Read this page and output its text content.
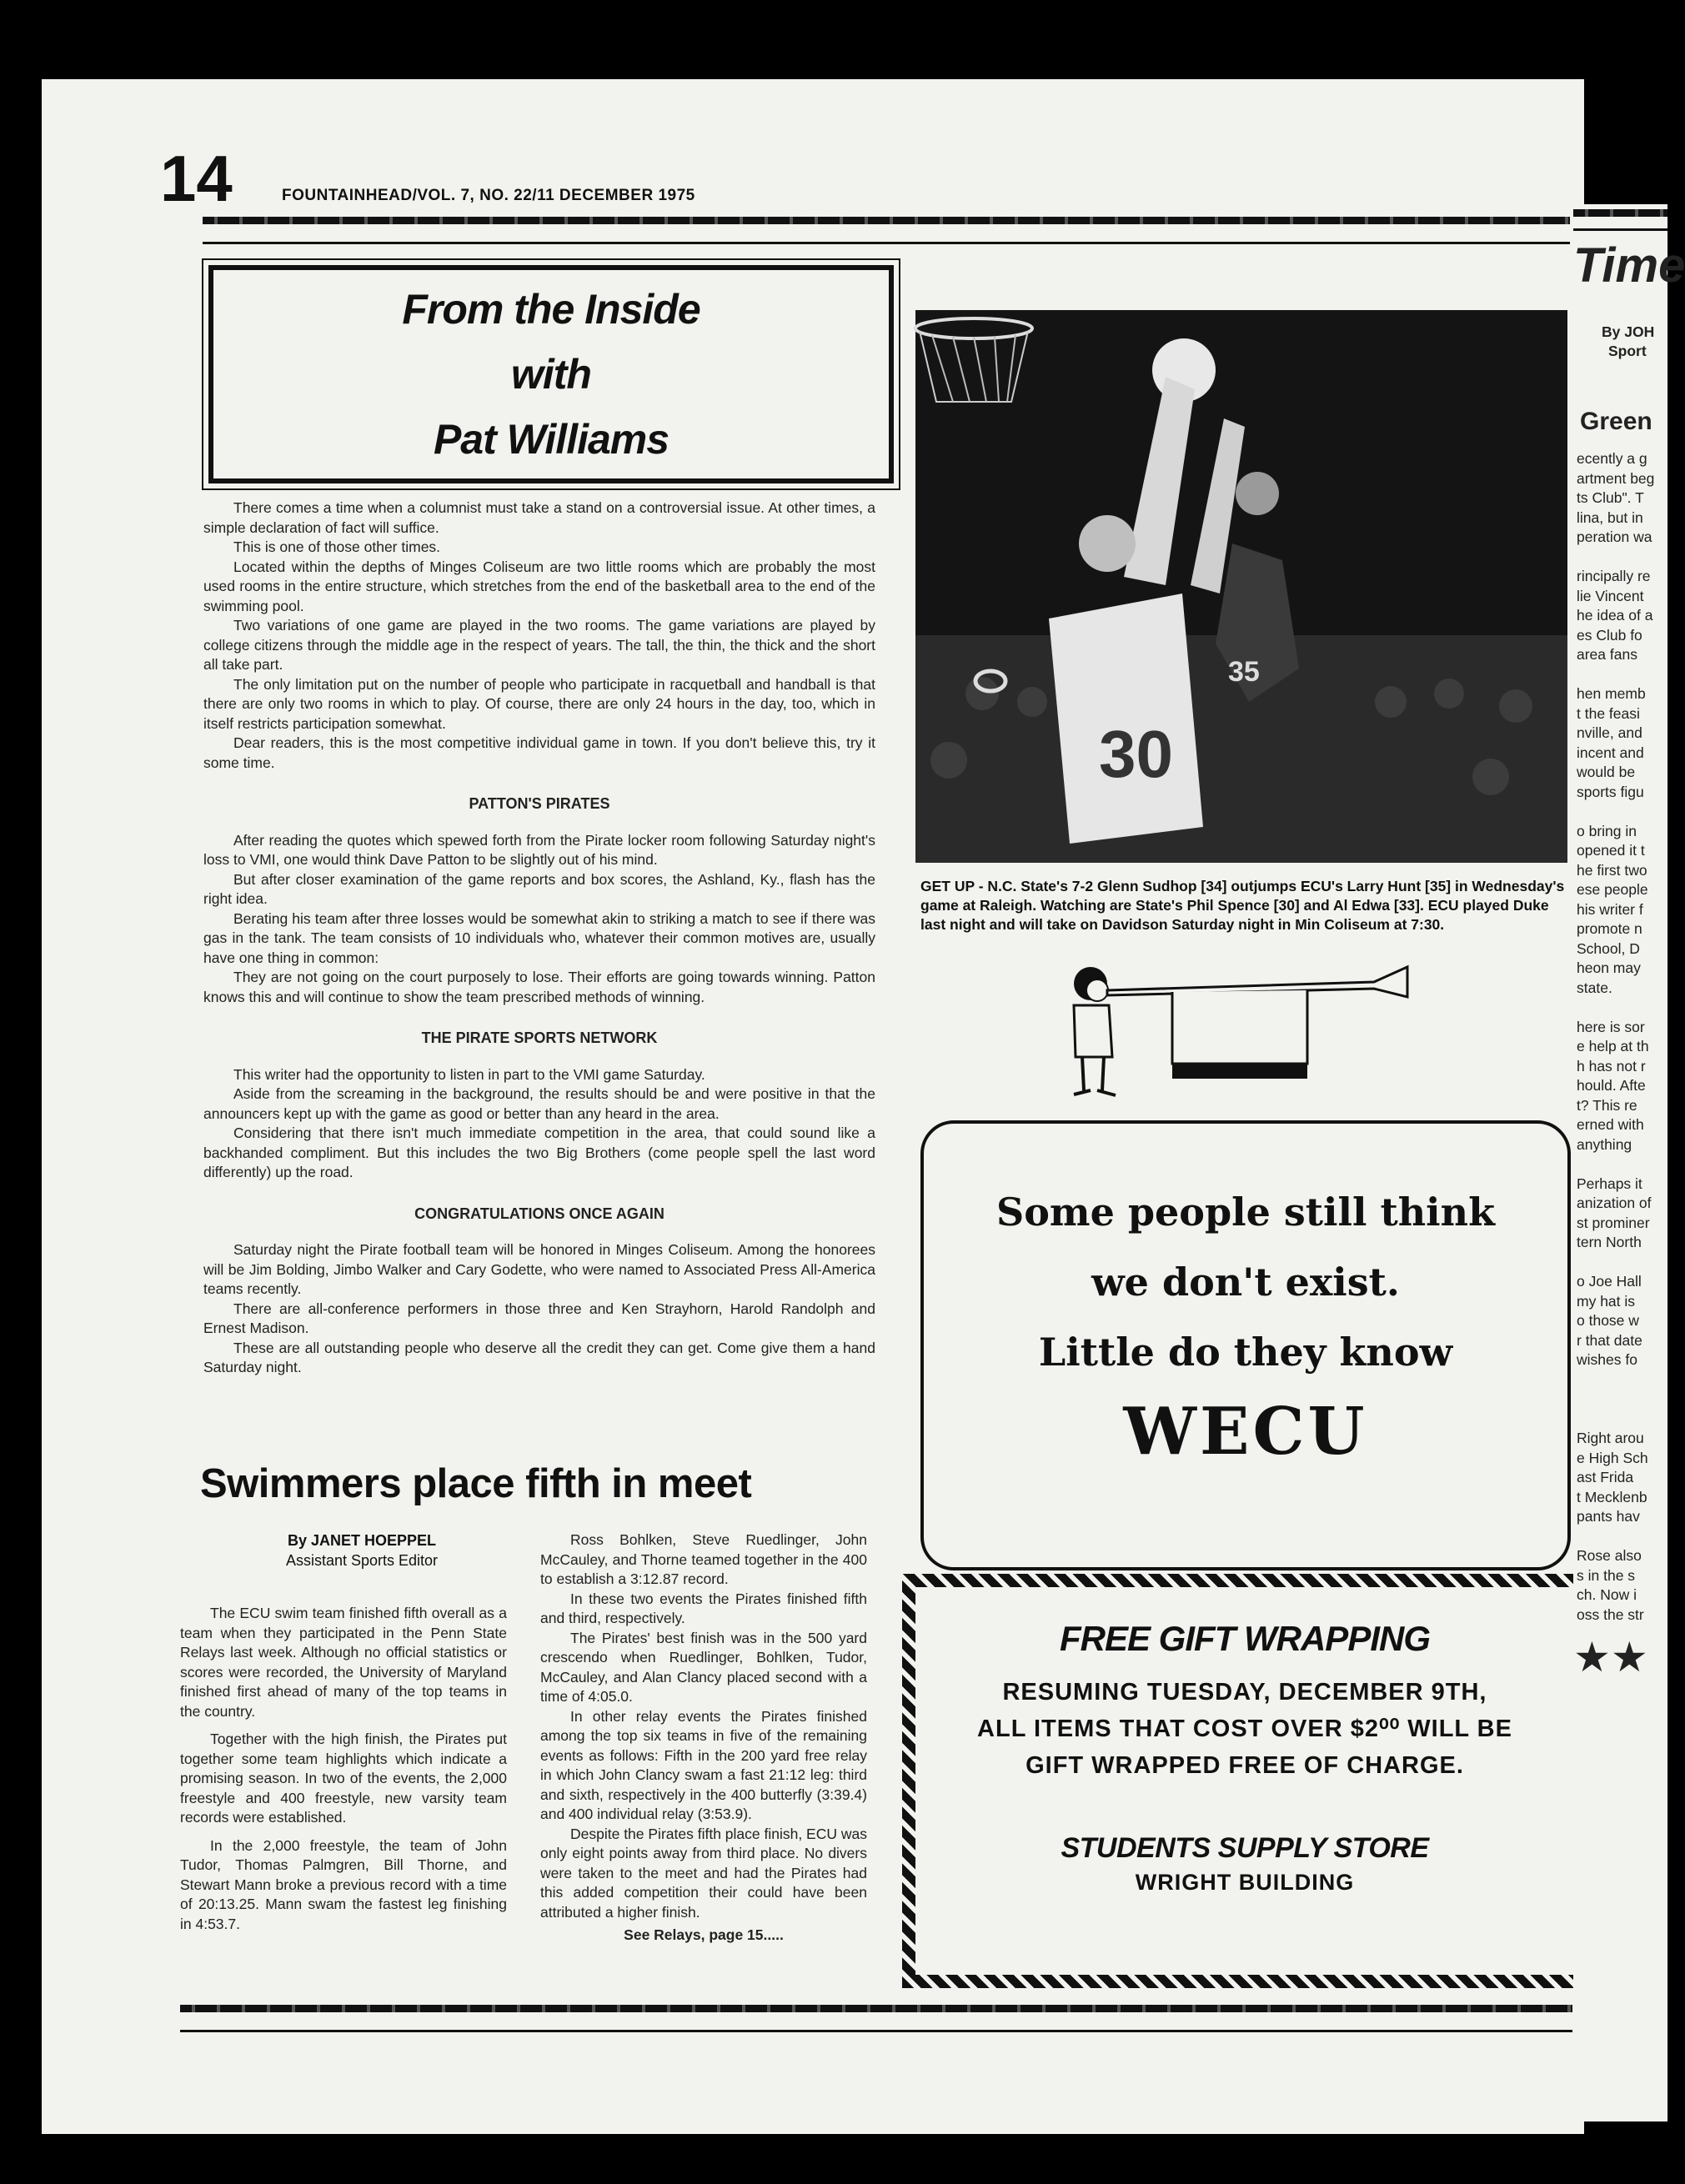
14	FOUNTAINHEAD/VOL. 7, NO. 22/11 DECEMBER 1975
From the Inside
with
Pat Williams

There comes a time when a columnist must take a stand on a controversial issue. At other times, a simple declaration of fact will suffice.

This is one of those other times.

Located within the depths of Minges Coliseum are two little rooms which are probably the most used rooms in the entire structure, which stretches from the end of the basketball area to the end of the swimming pool.

Two variations of one game are played in the two rooms. The game variations are played by college citizens through the middle age in the respect of years. The tall, the thin, the thick and the short all take part.

The only limitation put on the number of people who participate in racquetball and handball is that there are only two rooms in which to play. Of course, there are only 24 hours in the day, too, which in itself restricts participation somewhat.

Dear readers, this is the most competitive individual game in town. If you don't believe this, try it some time.

PATTON'S PIRATES

After reading the quotes which spewed forth from the Pirate locker room following Saturday night's loss to VMI, one would think Dave Patton to be slightly out of his mind.

But after closer examination of the game reports and box scores, the Ashland, Ky., flash has the right idea.

Berating his team after three losses would be somewhat akin to striking a match to see if there was gas in the tank. The team consists of 10 individuals who, whatever their common motives are, usually have one thing in common:

They are not going on the court purposely to lose. Their efforts are going towards winning. Patton knows this and will continue to show the team prescribed methods of winning.

THE PIRATE SPORTS NETWORK

This writer had the opportunity to listen in part to the VMI game Saturday.

Aside from the screaming in the background, the results should be and were positive in that the announcers kept up with the game as good or better than any heard in the area.

Considering that there isn't much immediate competition in the area, that could sound like a backhanded compliment. But this includes the two Big Brothers (come people spell the last word differently) up the road.

CONGRATULATIONS ONCE AGAIN

Saturday night the Pirate football team will be honored in Minges Coliseum. Among the honorees will be Jim Bolding, Jimbo Walker and Cary Godette, who were named to Associated Press All-America teams recently.

There are all-conference performers in those three and Ken Strayhorn, Harold Randolph and Ernest Madison.

These are all outstanding people who deserve all the credit they can get. Come give them a hand Saturday night.

Swimmers place fifth in meet
By JANET HOEPPEL
Assistant Sports Editor

The ECU swim team finished fifth overall as a team when they participated in the Penn State Relays last week. Although no official statistics or scores were recorded, the University of Maryland finished first ahead of many of the top teams in the country.

Together with the high finish, the Pirates put together some team highlights which indicate a promising season. In two of the events, the 2,000 freestyle and 400 freestyle, new varsity team records were established.

In the 2,000 freestyle, the team of John Tudor, Thomas Palmgren, Bill Thorne, and Stewart Mann broke a previous record with a time of 20:13.25. Mann swam the fastest leg finishing in 4:53.7.

Ross Bohlken, Steve Ruedlinger, John McCauley, and Thorne teamed together in the 400 to establish a 3:12.87 record.

In these two events the Pirates finished fifth and third, respectively.

The Pirates' best finish was in the 500 yard crescendo when Ruedlinger, Bohlken, Tudor, McCauley, and Alan Clancy placed second with a time of 4:05.0.

In other relay events the Pirates finished among the top six teams in five of the remaining events as follows: Fifth in the 200 yard free relay in which John Clancy swam a fast 21:12 leg: third and sixth, respectively in the 400 butterfly (3:39.4) and 400 individual relay (3:53.9).

Despite the Pirates fifth place finish, ECU was only eight points away from third place. No divers were taken to the meet and had the Pirates had this added competition their could have been attributed a higher finish.

See Relays, page 15.....
30
35
GET UP - N.C. State's 7-2 Glenn Sudhop [34] outjumps ECU's Larry Hunt [35] in Wednesday's game at Raleigh. Watching are State's Phil Spence [30] and Al Edwa [33]. ECU played Duke last night and will take on Davidson Saturday night in Min Coliseum at 7:30.
Some people still think
we don't exist.
Little do they know
WECU
FREE GIFT WRAPPING
RESUMING TUESDAY, DECEMBER 9TH,
ALL ITEMS THAT COST OVER $2⁰⁰ WILL BE
GIFT WRAPPED FREE OF CHARGE.
STUDENTS SUPPLY STORE
WRIGHT BUILDING
Time
By JOH
Sport
Green
ecently a g
artment beg
ts Club". T
lina, but in
peration wa

rincipally re
lie Vincent
he idea of a
es Club fo
area fans

hen memb
t the feasi
nville, and
incent and
would be
sports figu

o bring in
opened it t
he first two
ese people
his writer f
promote n
School, D
heon may
state.

here is sor
e help at th
h has not r
hould. Afte
t? This re
erned with
anything

Perhaps it
anization of
st prominer
tern North

o Joe Hall
my hat is
o those w
r that date
wishes fo

Right arou
e High Sch
ast Frida
t Mecklenb
pants hav

Rose also
s in the s
ch. Now i
oss the str
★★
